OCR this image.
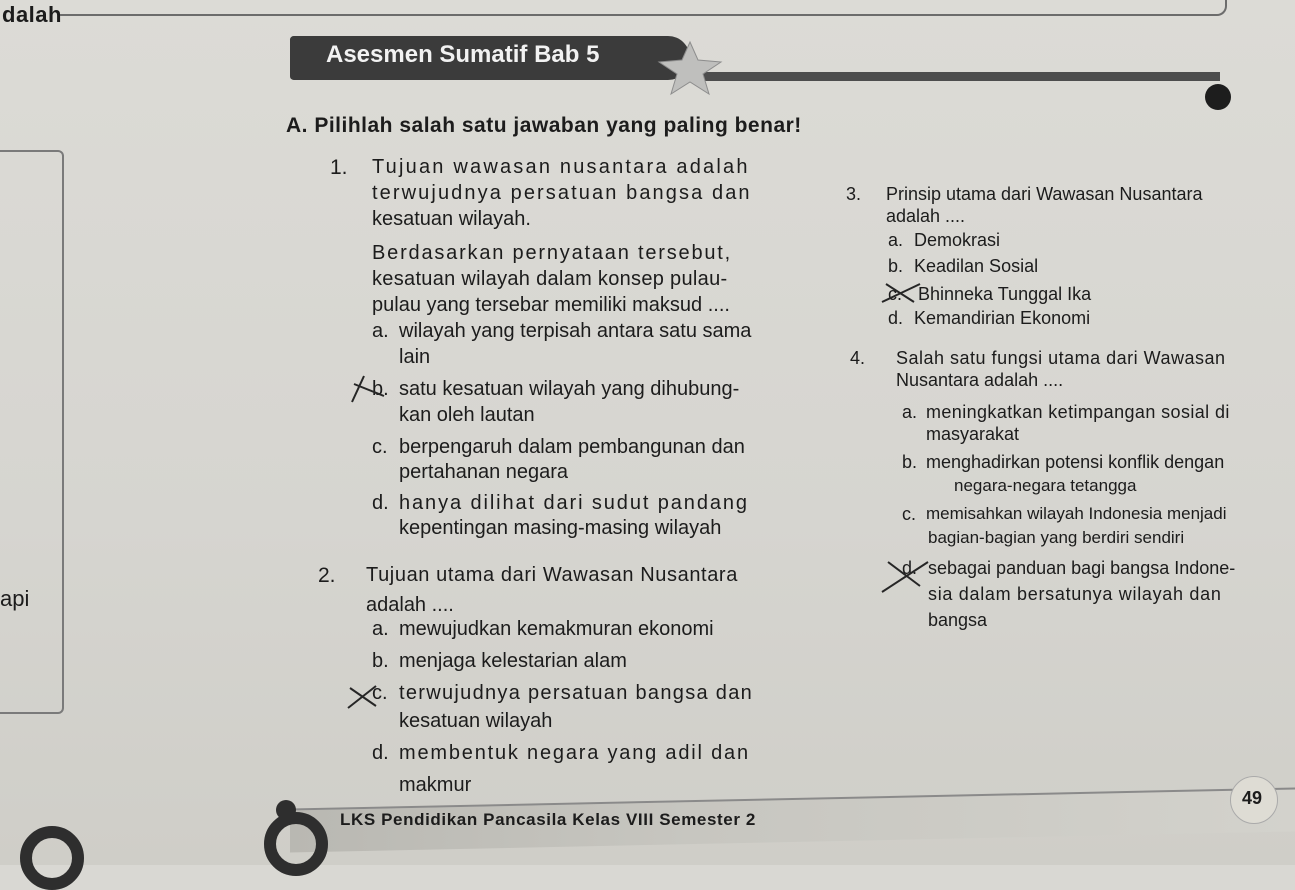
dalah
api
Asesmen Sumatif Bab 5
A. Pilihlah salah satu jawaban yang paling benar!
1. Tujuan wawasan nusantara adalah
terwujudnya persatuan bangsa dan
kesatuan wilayah.
Berdasarkan pernyataan tersebut,
kesatuan wilayah dalam konsep pulau-
pulau yang tersebar memiliki maksud ....
a. wilayah yang terpisah antara satu sama
lain
b. satu kesatuan wilayah yang dihubung-
kan oleh lautan
c. berpengaruh dalam pembangunan dan
pertahanan negara
d. hanya dilihat dari sudut pandang
kepentingan masing-masing wilayah
2. Tujuan utama dari Wawasan Nusantara
adalah ....
a. mewujudkan kemakmuran ekonomi
b. menjaga kelestarian alam
c. terwujudnya persatuan bangsa dan
kesatuan wilayah
d. membentuk negara yang adil dan
makmur
3. Prinsip utama dari Wawasan Nusantara
adalah ....
a. Demokrasi
b. Keadilan Sosial
c. Bhinneka Tunggal Ika
d. Kemandirian Ekonomi
4. Salah satu fungsi utama dari Wawasan
Nusantara adalah ....
a. meningkatkan ketimpangan sosial di
masyarakat
b. menghadirkan potensi konflik dengan
negara-negara tetangga
c. memisahkan wilayah Indonesia menjadi
bagian-bagian yang berdiri sendiri
d. sebagai panduan bagi bangsa Indone-
sia dalam bersatunya wilayah dan
bangsa
LKS Pendidikan Pancasila Kelas VIII Semester 2
49
